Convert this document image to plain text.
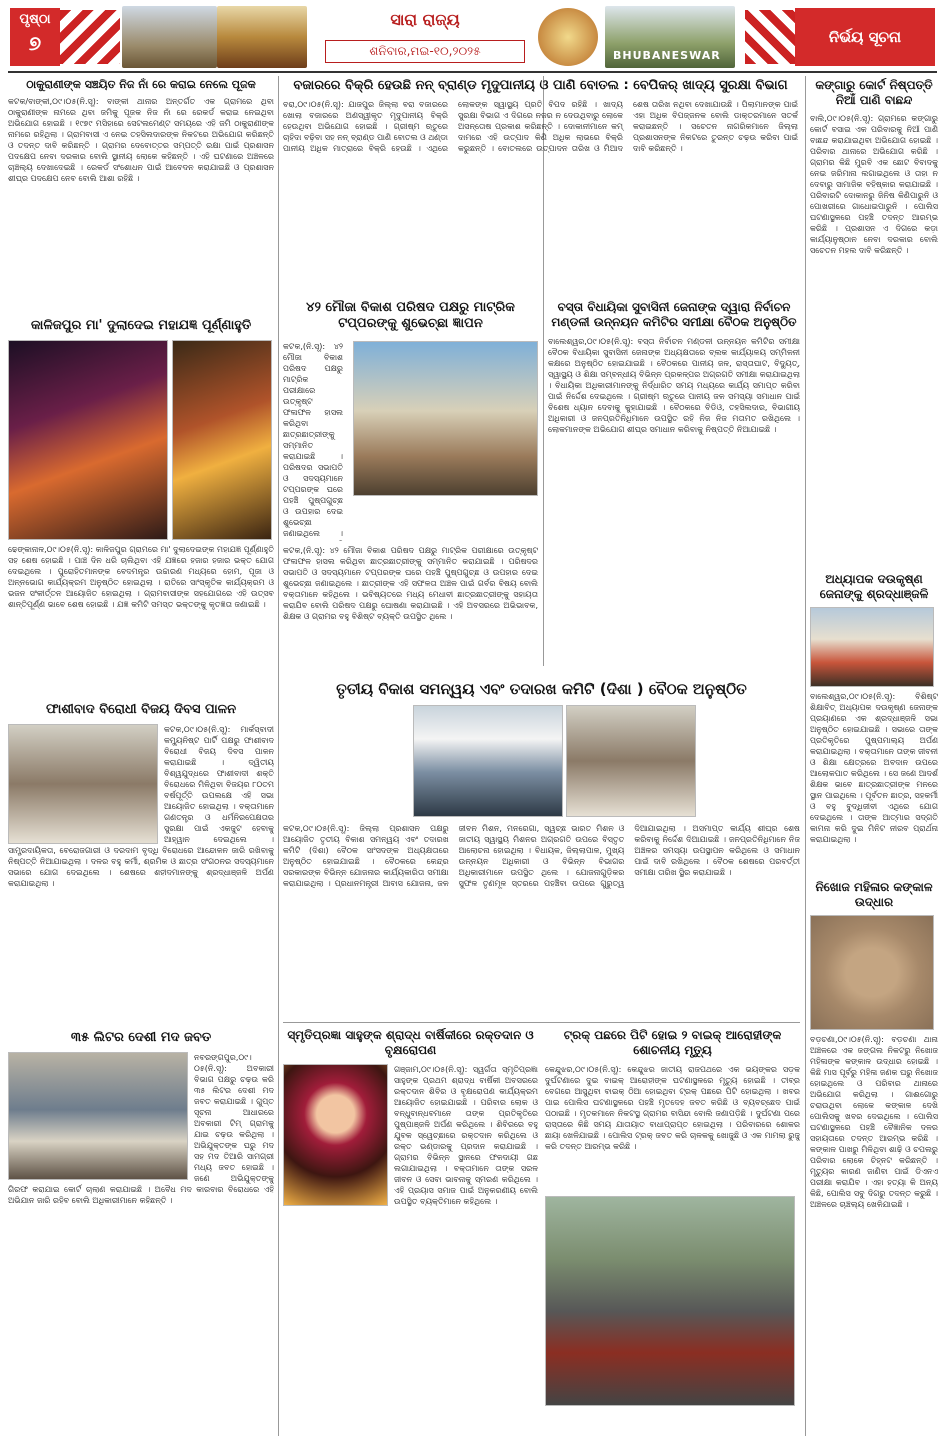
ପୃଷ୍ଠା
୭
ସାରା ରାଜ୍ୟ
ଶନିବାର,ମଇ-୧୦,୨୦୨୫	BHUBANESWAR
ନିର୍ଭୟ ସୂଚନା
ଠାକୁରାଣୀଙ୍କ ସଞ୍ଚୟିତ ନିଜ ନାଁ ରେ କରାଇ ନେଲେ ପୂଜକ
କଟକ/ବାଙ୍କୀ,୦୯।୦୫(ନି.ସୂ): ବାଙ୍କୀ ଥାନାର ଅନ୍ତର୍ଗତ ଏକ ଗ୍ରାମରେ ଥିବା ଠାକୁରାଣୀଙ୍କ ନାମରେ ଥିବା ଜମିକୁ ପୂଜକ ନିଜ ନାଁ ରେ ରେକର୍ଡ କରାଇ ନେଇଥିବା ଅଭିଯୋଗ ହୋଇଛି । ୧୯୭୯ ମସିହାରେ ସେଟଲମେଣ୍ଟ ସମୟରେ ଏହି ଜମି ଠାକୁରାଣୀଙ୍କ ନାମରେ ରହିଥିଲା । ଗ୍ରାମବାସୀ ଏ ନେଇ ତହସିଲଦାରଙ୍କ ନିକଟରେ ଅଭିଯୋଗ କରିଛନ୍ତି ଓ ତଦନ୍ତ ଦାବି କରିଛନ୍ତି । ଗ୍ରାମର ଦେବୋତ୍ତର ସମ୍ପତ୍ତି ରକ୍ଷା ପାଇଁ ପ୍ରଶାସନ ପଦକ୍ଷେପ ନେବା ଦରକାର ବୋଲି ସ୍ଥାନୀୟ ଲୋକେ କହିଛନ୍ତି । ଏହି ଘଟଣାରେ ଅଞ୍ଚଳରେ ଚାଞ୍ଚଲ୍ୟ ଦେଖାଦେଇଛି । ରେକର୍ଡ ସଂଶୋଧନ ପାଇଁ ଆବେଦନ କରାଯାଇଛି ଓ ପ୍ରଶାସନ ଶୀଘ୍ର ପଦକ୍ଷେପ ନେବ ବୋଲି ଆଶା ରହିଛି ।
ବଜାରରେ ବିକ୍ରି ହେଉଛି ନନ୍ ବ୍ରାଣ୍ଡ ମୃଦୁପାନୀୟ ଓ ପାଣି ବୋତଲ : ବେପିକର୍ ଖାଦ୍ୟ ସୁରକ୍ଷା ବିଭାଗ
ବରା,୦୯।୦୫(ନି.ସୂ): ଯାଜପୁର ଜିଲ୍ଲା ବରା ବଜାରରେ ଖୋଲା ବଜାରରେ ଅଣସ୍ୱୀକୃତ ମୃଦୁପାନୀୟ ବିକ୍ରି ହେଉଥିବା ଅଭିଯୋଗ ହୋଇଛି । ଗ୍ରୀଷ୍ମ ଋତୁରେ ଚାହିଦା ବଢ଼ିବା ସହ ନନ୍ ବ୍ରାଣ୍ଡ ପାଣି ବୋତଲ ଓ ଥଣ୍ଡା ପାନୀୟ ଅଧିକ ମାତ୍ରାରେ ବିକ୍ରି ହେଉଛି । ଏଥିରେ ଲୋକଙ୍କ ସ୍ୱାସ୍ଥ୍ୟ ପ୍ରତି ବିପଦ ରହିଛି । ଖାଦ୍ୟ ସୁରକ୍ଷା ବିଭାଗ ଏ ଦିଗରେ ନଜର ନ ଦେଉଥିବାରୁ ଲୋକେ ଅସନ୍ତୋଷ ପ୍ରକାଶ କରିଛନ୍ତି । ଦୋକାନୀମାନେ କମ୍ ଦାମରେ ଏହି ଉତ୍ପାଦ କିଣି ଅଧିକ ଲାଭରେ ବିକ୍ରି କରୁଛନ୍ତି । ବୋତଲରେ ଉତ୍ପାଦନ ତାରିଖ ଓ ମିଆଦ ଶେଷ ତାରିଖ ନଥିବା ଦେଖାଯାଉଛି । ପିଲାମାନଙ୍କ ପାଇଁ ଏହା ଅଧିକ ବିପଜ୍ଜନକ ବୋଲି ଡାକ୍ତରମାନେ ସତର୍କ କରାଇଛନ୍ତି । ସଚେତନ ନାଗରିକମାନେ ଜିଲ୍ଲା ପ୍ରଶାସନଙ୍କ ନିକଟରେ ତୁରନ୍ତ ଚଢ଼ଉ କରିବା ପାଇଁ ଦାବି କରିଛନ୍ତି ।
କଙ୍ଗାରୁ କୋର୍ଟ ନିଷ୍ପତ୍ତି ନିଆଁ ପାଣି ବାଛନ୍ଦ
ବାଲି,୦୯।୦୫(ନି.ସୂ): ଗ୍ରାମରେ କଙ୍ଗାରୁ କୋର୍ଟ ବସାଇ ଏକ ପରିବାରକୁ ନିଆଁ ପାଣି ବାଛନ୍ଦ କରାଯାଇଥିବା ଅଭିଯୋଗ ହୋଇଛି । ପରିବାର ଥାନାରେ ଅଭିଯୋଗ କରିଛି । ଗ୍ରାମର କିଛି ମୁରବି ଏକ ଛୋଟ ବିବାଦକୁ ନେଇ ଜରିମାନା ଲଗାଇଥିଲେ ଓ ତାହା ନ ଦେବାରୁ ସାମାଜିକ ବହିଷ୍କାର କରାଯାଇଛି । ପରିବାରଟି ଦୋକାନରୁ ଜିନିଷ କିଣିପାରୁନି ଓ ପୋଖରୀରେ ଗାଧୋଇପାରୁନି । ପୋଲିସ ଘଟଣାସ୍ଥଳରେ ପହଞ୍ଚି ତଦନ୍ତ ଆରମ୍ଭ କରିଛି । ପ୍ରଶାସନ ଏ ଦିଗରେ କଡ଼ା କାର୍ଯ୍ୟାନୁଷ୍ଠାନ ନେବା ଦରକାର ବୋଲି ସଚେତନ ମହଲ ଦାବି କରିଛନ୍ତି ।
କାଳିଜପୁର ମା' ଦୁଲାଦେଇ ମହାଯଜ୍ଞ ପୂର୍ଣ୍ଣାହୁତି
ଢେଙ୍କାନାଳ,୦୯।୦୫(ନି.ସୂ): କାଳିଜପୁର ଗ୍ରାମରେ ମା' ଦୁଲାଦେଇଙ୍କ ମହାଯଜ୍ଞ ପୂର୍ଣ୍ଣାହୁତି ସହ ଶେଷ ହୋଇଛି । ପାଞ୍ଚ ଦିନ ଧରି ଚାଲିଥିବା ଏହି ଯଜ୍ଞରେ ହଜାର ହଜାର ଭକ୍ତ ଯୋଗ ଦେଇଥିଲେ । ପୁରୋହିତମାନଙ୍କ ବେଦମନ୍ତ୍ର ଉଚ୍ଚାରଣ ମଧ୍ୟରେ ହୋମ, ପୂଜା ଓ ଅନ୍ନଭୋଗ କାର୍ଯ୍ୟକ୍ରମ ଅନୁଷ୍ଠିତ ହୋଇଥିଲା । ରାତିରେ ସାଂସ୍କୃତିକ କାର୍ଯ୍ୟକ୍ରମ ଓ ଭଜନ ସଂକୀର୍ତ୍ତନ ଆୟୋଜିତ ହୋଇଥିଲା । ଗ୍ରାମବାସୀଙ୍କ ସହଯୋଗରେ ଏହି ଉତ୍ସବ ଶାନ୍ତିପୂର୍ଣ୍ଣ ଭାବେ ଶେଷ ହୋଇଛି । ଯଜ୍ଞ କମିଟି ସମସ୍ତ ଭକ୍ତଙ୍କୁ କୃତଜ୍ଞତା ଜଣାଇଛି ।
୪୨ ମୌଜା ବିକାଶ ପରିଷଦ ପକ୍ଷରୁ ମାଟ୍ରିକ ଟପ୍ପରଙ୍କୁ ଶୁଭେଚ୍ଛା ଜ୍ଞାପନ
କଟକ,(ନି.ସୂ): ୪୨ ମୌଜା ବିକାଶ ପରିଷଦ ପକ୍ଷରୁ ମାଟ୍ରିକ ପରୀକ୍ଷାରେ ଉତ୍କୃଷ୍ଟ ଫଳାଫଳ ହାସଲ କରିଥିବା ଛାତ୍ରଛାତ୍ରୀଙ୍କୁ ସମ୍ମାନିତ କରାଯାଇଛି । ପରିଷଦର ସଭାପତି ଓ ସଦସ୍ୟମାନେ ଟପ୍ପରଙ୍କ ଘରେ ପହଞ୍ଚି ପୁଷ୍ପଗୁଚ୍ଛ ଓ ଉପହାର ଦେଇ ଶୁଭେଚ୍ଛା ଜଣାଇଥିଲେ ।
କଟକ,(ନି.ସୂ): ୪୨ ମୌଜା ବିକାଶ ପରିଷଦ ପକ୍ଷରୁ ମାଟ୍ରିକ ପରୀକ୍ଷାରେ ଉତ୍କୃଷ୍ଟ ଫଳାଫଳ ହାସଲ କରିଥିବା ଛାତ୍ରଛାତ୍ରୀଙ୍କୁ ସମ୍ମାନିତ କରାଯାଇଛି । ପରିଷଦର ସଭାପତି ଓ ସଦସ୍ୟମାନେ ଟପ୍ପରଙ୍କ ଘରେ ପହଞ୍ଚି ପୁଷ୍ପଗୁଚ୍ଛ ଓ ଉପହାର ଦେଇ ଶୁଭେଚ୍ଛା ଜଣାଇଥିଲେ । ଛାତ୍ରୀଙ୍କ ଏହି ସଫଳତା ଅଞ୍ଚଳ ପାଇଁ ଗର୍ବର ବିଷୟ ବୋଲି ବକ୍ତାମାନେ କହିଥିଲେ । ଭବିଷ୍ୟତରେ ମଧ୍ୟ ମେଧାବୀ ଛାତ୍ରଛାତ୍ରୀଙ୍କୁ ସହାୟତା କରାଯିବ ବୋଲି ପରିଷଦ ପକ୍ଷରୁ ଘୋଷଣା କରାଯାଇଛି । ଏହି ଅବସରରେ ଅଭିଭାବକ, ଶିକ୍ଷକ ଓ ଗ୍ରାମର ବହୁ ବିଶିଷ୍ଟ ବ୍ୟକ୍ତି ଉପସ୍ଥିତ ଥିଲେ ।
ବସ୍ତା ବିଧାୟିକା ସୁବାସିନୀ ଜେନାଙ୍କ ଦ୍ୱାରା ନିର୍ବାଚନ ମଣ୍ଡଳୀ ଉନ୍ନୟନ କମିଟିର ସମୀକ୍ଷା ବୈଠକ ଅନୁଷ୍ଠିତ
ବାଲେଶ୍ୱର,୦୯।୦୫(ନି.ସୂ): ବସ୍ତା ନିର୍ବାଚନ ମଣ୍ଡଳୀ ଉନ୍ନୟନ କମିଟିର ସମୀକ୍ଷା ବୈଠକ ବିଧାୟିକା ସୁବାସିନୀ ଜେନାଙ୍କ ଅଧ୍ୟକ୍ଷତାରେ ବ୍ଲକ କାର୍ଯ୍ୟାଳୟ ସମ୍ମିଳନୀ କକ୍ଷରେ ଅନୁଷ୍ଠିତ ହୋଇଯାଇଛି । ବୈଠକରେ ପାନୀୟ ଜଳ, ରାସ୍ତାଘାଟ, ବିଦ୍ୟୁତ୍, ସ୍ୱାସ୍ଥ୍ୟ ଓ ଶିକ୍ଷା ସମ୍ବନ୍ଧୀୟ ବିଭିନ୍ନ ପ୍ରକଳ୍ପର ଅଗ୍ରଗତି ସମୀକ୍ଷା କରାଯାଇଥିଲା । ବିଧାୟିକା ଅଧିକାରୀମାନଙ୍କୁ ନିର୍ଦ୍ଧାରିତ ସମୟ ମଧ୍ୟରେ କାର୍ଯ୍ୟ ସମାପ୍ତ କରିବା ପାଇଁ ନିର୍ଦ୍ଦେଶ ଦେଇଥିଲେ । ଗ୍ରୀଷ୍ମ ଋତୁରେ ପାନୀୟ ଜଳ ସମସ୍ୟା ସମାଧାନ ପାଇଁ ବିଶେଷ ଧ୍ୟାନ ଦେବାକୁ କୁହାଯାଇଛି । ବୈଠକରେ ବିଡିଓ, ତହସିଲଦାର, ବିଭାଗୀୟ ଅଧିକାରୀ ଓ ଜନପ୍ରତିନିଧିମାନେ ଉପସ୍ଥିତ ରହି ନିଜ ନିଜ ମତାମତ ରଖିଥିଲେ । ଲୋକମାନଙ୍କ ଅଭିଯୋଗ ଶୀଘ୍ର ସମାଧାନ କରିବାକୁ ନିଷ୍ପତ୍ତି ନିଆଯାଇଛି ।
ଅଧ୍ୟାପକ ଦଉକୃଷ୍ଣ ଜେନାଙ୍କୁ ଶ୍ରଦ୍ଧାଞ୍ଜଳି
ବାଲେଶ୍ୱର,୦୯।୦୫(ନି.ସୂ): ବିଶିଷ୍ଟ ଶିକ୍ଷାବିତ୍ ଅଧ୍ୟାପକ ଦଉକୃଷ୍ଣ ଜେନାଙ୍କ ପ୍ରୟାଣରେ ଏକ ଶ୍ରଦ୍ଧାଞ୍ଜଳି ସଭା ଅନୁଷ୍ଠିତ ହୋଇଯାଇଛି । ସଭାରେ ତାଙ୍କ ପ୍ରତିକୃତିରେ ପୁଷ୍ପମାଲ୍ୟ ଅର୍ପଣ କରାଯାଇଥିଲା । ବକ୍ତାମାନେ ତାଙ୍କ ଜୀବନୀ ଓ ଶିକ୍ଷା କ୍ଷେତ୍ରରେ ଅବଦାନ ଉପରେ ଆଲୋକପାତ କରିଥିଲେ । ସେ ଜଣେ ଆଦର୍ଶ ଶିକ୍ଷକ ଭାବେ ଛାତ୍ରଛାତ୍ରୀଙ୍କ ମନରେ ସ୍ଥାନ ପାଇଥିଲେ । ପୂର୍ବତନ ଛାତ୍ର, ସହକର୍ମୀ ଓ ବହୁ ବୁଦ୍ଧିଜୀବୀ ଏଥିରେ ଯୋଗ ଦେଇଥିଲେ । ତାଙ୍କ ଆତ୍ମାର ସଦ୍ଗତି କାମନା କରି ଦୁଇ ମିନିଟ ନୀରବ ପ୍ରାର୍ଥନା କରାଯାଇଥିଲା ।
ତୃତୀୟ ବିକାଶ ସମନ୍ୱୟ ଏବଂ ତଦାରଖ କମିଟି (ଦିଶା ) ବୈଠକ ଅନୁଷ୍ଠିତ
କଟକ,୦୯।୦୫(ନି.ସୂ): ଜିଲ୍ଲା ପ୍ରଶାସନ ପକ୍ଷରୁ ଆୟୋଜିତ ତୃତୀୟ ବିକାଶ ସମନ୍ୱୟ ଏବଂ ତଦାରଖ କମିଟି (ଦିଶା) ବୈଠକ ସାଂସଦଙ୍କ ଅଧ୍ୟକ୍ଷତାରେ ଅନୁଷ୍ଠିତ ହୋଇଯାଇଛି । ବୈଠକରେ କେନ୍ଦ୍ର ସରକାରଙ୍କ ବିଭିନ୍ନ ଯୋଜନାର କାର୍ଯ୍ୟକାରିତା ସମୀକ୍ଷା କରାଯାଇଥିଲା । ପ୍ରଧାନମନ୍ତ୍ରୀ ଆବାସ ଯୋଜନା, ଜଳ ଜୀବନ ମିଶନ, ମନରେଗା, ସ୍ୱଚ୍ଛ ଭାରତ ମିଶନ ଓ ଜାତୀୟ ସ୍ୱାସ୍ଥ୍ୟ ମିଶନର ଅଗ୍ରଗତି ଉପରେ ବିସ୍ତୃତ ଆଲୋଚନା ହୋଇଥିଲା । ବିଧାୟକ, ଜିଲ୍ଲାପାଳ, ମୁଖ୍ୟ ଉନ୍ନୟନ ଅଧିକାରୀ ଓ ବିଭିନ୍ନ ବିଭାଗର ଅଧିକାରୀମାନେ ଉପସ୍ଥିତ ଥିଲେ । ଯୋଜନାଗୁଡ଼ିକର ସୁଫଳ ତୃଣମୂଳ ସ୍ତରରେ ପହଞ୍ଚିବା ଉପରେ ଗୁରୁତ୍ୱ ଦିଆଯାଇଥିଲା । ଅସମାପ୍ତ କାର୍ଯ୍ୟ ଶୀଘ୍ର ଶେଷ କରିବାକୁ ନିର୍ଦ୍ଦେଶ ଦିଆଯାଇଛି । ଜନପ୍ରତିନିଧିମାନେ ନିଜ ଅଞ୍ଚଳର ସମସ୍ୟା ଉପସ୍ଥାପନ କରିଥିଲେ ଓ ସମାଧାନ ପାଇଁ ଦାବି ରଖିଥିଲେ । ବୈଠକ ଶେଷରେ ପରବର୍ତ୍ତୀ ସମୀକ୍ଷା ତାରିଖ ସ୍ଥିର କରାଯାଇଛି ।
ଫାଶୀବାଦ ବିରୋଧୀ ବିଜୟ ଦିବସ ପାଳନ
କଟକ,୦୯।୦୫(ନି.ସୂ): ମାର୍କସ୍ବାଦୀ କମ୍ୟୁନିଷ୍ଟ ପାର୍ଟି ପକ୍ଷରୁ ଫାଶୀବାଦ ବିରୋଧୀ ବିଜୟ ଦିବସ ପାଳନ କରାଯାଇଛି । ଦ୍ୱିତୀୟ ବିଶ୍ୱଯୁଦ୍ଧରେ ଫାଶୀବାଦୀ ଶକ୍ତି ବିରୋଧରେ ମିଳିଥିବା ବିଜୟର ୮୦ତମ ବର୍ଷପୂର୍ତ୍ତି ଉପଲକ୍ଷେ ଏହି ସଭା ଆୟୋଜିତ ହୋଇଥିଲା । ବକ୍ତାମାନେ ଗଣତନ୍ତ୍ର ଓ ଧର୍ମନିରପେକ୍ଷତାର ସୁରକ୍ଷା ପାଇଁ ଏକଜୁଟ ହେବାକୁ ଆହ୍ୱାନ ଦେଇଥିଲେ । ସାମ୍ପ୍ରଦାୟିକତା, ବେରୋଜଗାରୀ ଓ ଦରଦାମ ବୃଦ୍ଧି ବିରୋଧରେ ଆନ୍ଦୋଳନ ଜାରି ରଖିବାକୁ ନିଷ୍ପତ୍ତି ନିଆଯାଇଥିଲା । ଦଳର ବହୁ କର୍ମୀ, ଶ୍ରମିକ ଓ ଛାତ୍ର ସଂଗଠନର ସଦସ୍ୟମାନେ ସଭାରେ ଯୋଗ ଦେଇଥିଲେ । ଶେଷରେ ଶହୀଦମାନଙ୍କୁ ଶ୍ରଦ୍ଧାଞ୍ଜଳି ଅର୍ପଣ କରାଯାଇଥିଲା ।	ନିଖୋଜ ମହିଳାର କଙ୍କାଳ ଉଦ୍ଧାର
ବଡ଼ଚଣା,୦୯।୦୫(ନି.ସୂ): ବଡ଼ଚଣା ଥାନା ଅଞ୍ଚଳରେ ଏକ ଜଙ୍ଗଲ ନିକଟରୁ ନିଖୋଜ ମହିଳାଙ୍କ କଙ୍କାଳ ଉଦ୍ଧାର ହୋଇଛି । କିଛି ମାସ ପୂର୍ବରୁ ମହିଳା ଜଣକ ଘରୁ ନିଖୋଜ ହୋଇଥିଲେ ଓ ପରିବାର ଥାନାରେ ଅଭିଯୋଗ କରିଥିଲା । ଗାଈଗୋରୁ ଚରାଉଥିବା ଲୋକେ କଙ୍କାଳ ଦେଖି ପୋଲିସକୁ ଖବର ଦେଇଥିଲେ । ପୋଲିସ ଘଟଣାସ୍ଥଳରେ ପହଞ୍ଚି ବୈଜ୍ଞାନିକ ଦଳର ସହାୟତାରେ ତଦନ୍ତ ଆରମ୍ଭ କରିଛି । କଙ୍କାଳ ପାଖରୁ ମିଳିଥିବା ଶାଢ଼ି ଓ ଚପଲରୁ ପରିବାର ଲୋକେ ଚିହ୍ନଟ କରିଛନ୍ତି । ମୃତ୍ୟୁର କାରଣ ଜାଣିବା ପାଇଁ ଡିଏନଏ ପରୀକ୍ଷା କରାଯିବ । ଏହା ହତ୍ୟା କି ଅନ୍ୟ କିଛି, ପୋଲିସ ସବୁ ଦିଗରୁ ତଦନ୍ତ କରୁଛି । ଅଞ୍ଚଳରେ ଚାଞ୍ଚଲ୍ୟ ଖେଳିଯାଇଛି ।
୩୫ ଲିଟର ଦେଶୀ ମଦ ଜବତ
ନବରଙ୍ଗପୁର,୦୯।୦୫(ନି.ସୂ): ଅବକାରୀ ବିଭାଗ ପକ୍ଷରୁ ଚଢ଼ଉ କରି ୩୫ ଲିଟର ଦେଶୀ ମଦ ଜବତ କରାଯାଇଛି । ଗୁପ୍ତ ସୂଚନା ଆଧାରରେ ଅବକାରୀ ଟିମ୍ ଗ୍ରାମକୁ ଯାଇ ଚଢ଼ଉ କରିଥିଲା । ଅଭିଯୁକ୍ତଙ୍କ ଘରୁ ମଦ ସହ ମଦ ତିଆରି ସାମଗ୍ରୀ ମଧ୍ୟ ଜବତ ହୋଇଛି । ଜଣେ ଅଭିଯୁକ୍ତଙ୍କୁ ଗିରଫ କରାଯାଇ କୋର୍ଟ ଚାଲାଣ କରାଯାଇଛି । ଅବୈଧ ମଦ କାରବାର ବିରୋଧରେ ଏହି ଅଭିଯାନ ଜାରି ରହିବ ବୋଲି ଅଧିକାରୀମାନେ କହିଛନ୍ତି ।
ସ୍ମୃତିପ୍ରଜ୍ଞା ସାହୁଙ୍କ ଶ୍ରାଦ୍ଧ ବାର୍ଷିକୀରେ ରକ୍ତଦାନ ଓ ବୃକ୍ଷରୋପଣ
ଗଞ୍ଜାମ,୦୯।୦୫(ନି.ସୂ): ସ୍ୱର୍ଗତା ସ୍ମୃତିପ୍ରଜ୍ଞା ସାହୁଙ୍କ ପ୍ରଥମ ଶ୍ରାଦ୍ଧ ବାର୍ଷିକୀ ଅବସରରେ ରକ୍ତଦାନ ଶିବିର ଓ ବୃକ୍ଷରୋପଣ କାର୍ଯ୍ୟକ୍ରମ ଆୟୋଜିତ ହୋଇଯାଇଛି । ପରିବାର ଲୋକ ଓ ବନ୍ଧୁବାନ୍ଧବମାନେ ତାଙ୍କ ପ୍ରତିକୃତିରେ ପୁଷ୍ପାଞ୍ଜଳି ଅର୍ପଣ କରିଥିଲେ । ଶିବିରରେ ବହୁ ଯୁବକ ସ୍ୱେଚ୍ଛାରେ ରକ୍ତଦାନ କରିଥିଲେ ଓ ରକ୍ତ ଭଣ୍ଡାରକୁ ପ୍ରଦାନ କରାଯାଇଛି । ଗ୍ରାମର ବିଭିନ୍ନ ସ୍ଥାନରେ ଫଳଦାୟୀ ଗଛ ଲଗାଯାଇଥିଲା । ବକ୍ତାମାନେ ତାଙ୍କ ସରଳ ଜୀବନ ଓ ସେବା ଭାବନାକୁ ସ୍ମରଣ କରିଥିଲେ । ଏହି ପ୍ରୟାସ ସମାଜ ପାଇଁ ଅନୁକରଣୀୟ ବୋଲି ଉପସ୍ଥିତ ବ୍ୟକ୍ତିମାନେ କହିଥିଲେ ।
ଟ୍ରକ୍ ପଛରେ ପିଟି ହୋଇ ୨ ବାଇକ୍ ଆରୋହୀଙ୍କ ଶୋଚନୀୟ ମୃତ୍ୟୁ
କେନ୍ଦୁଝର,୦୯।୦୫(ନି.ସୂ): କେନ୍ଦୁଝର ଜାତୀୟ ରାଜପଥରେ ଏକ ଭୟଙ୍କର ସଡ଼କ ଦୁର୍ଘଟଣାରେ ଦୁଇ ବାଇକ୍ ଆରୋହୀଙ୍କ ଘଟଣାସ୍ଥଳରେ ମୃତ୍ୟୁ ହୋଇଛି । ତୀବ୍ର ବେଗରେ ଆସୁଥିବା ବାଇକ୍ ଠିଆ ହୋଇଥିବା ଟ୍ରକ୍ ପଛରେ ପିଟି ହୋଇଥିଲା । ଖବର ପାଇ ପୋଲିସ ଘଟଣାସ୍ଥଳରେ ପହଞ୍ଚି ମୃତଦେହ ଜବତ କରିଛି ଓ ବ୍ୟବଚ୍ଛେଦ ପାଇଁ ପଠାଇଛି । ମୃତକମାନେ ନିକଟସ୍ଥ ଗ୍ରାମର ବାସିନ୍ଦା ବୋଲି ଜଣାପଡ଼ିଛି । ଦୁର୍ଘଟଣା ପରେ ରାସ୍ତାରେ କିଛି ସମୟ ଯାତାୟାତ ବାଧାପ୍ରାପ୍ତ ହୋଇଥିଲା । ପରିବାରରେ ଶୋକର ଛାୟା ଖେଳିଯାଇଛି । ପୋଲିସ ଟ୍ରକ୍ ଜବତ କରି ଚାଳକକୁ ଖୋଜୁଛି ଓ ଏକ ମାମଲା ରୁଜୁ କରି ତଦନ୍ତ ଆରମ୍ଭ କରିଛି ।
